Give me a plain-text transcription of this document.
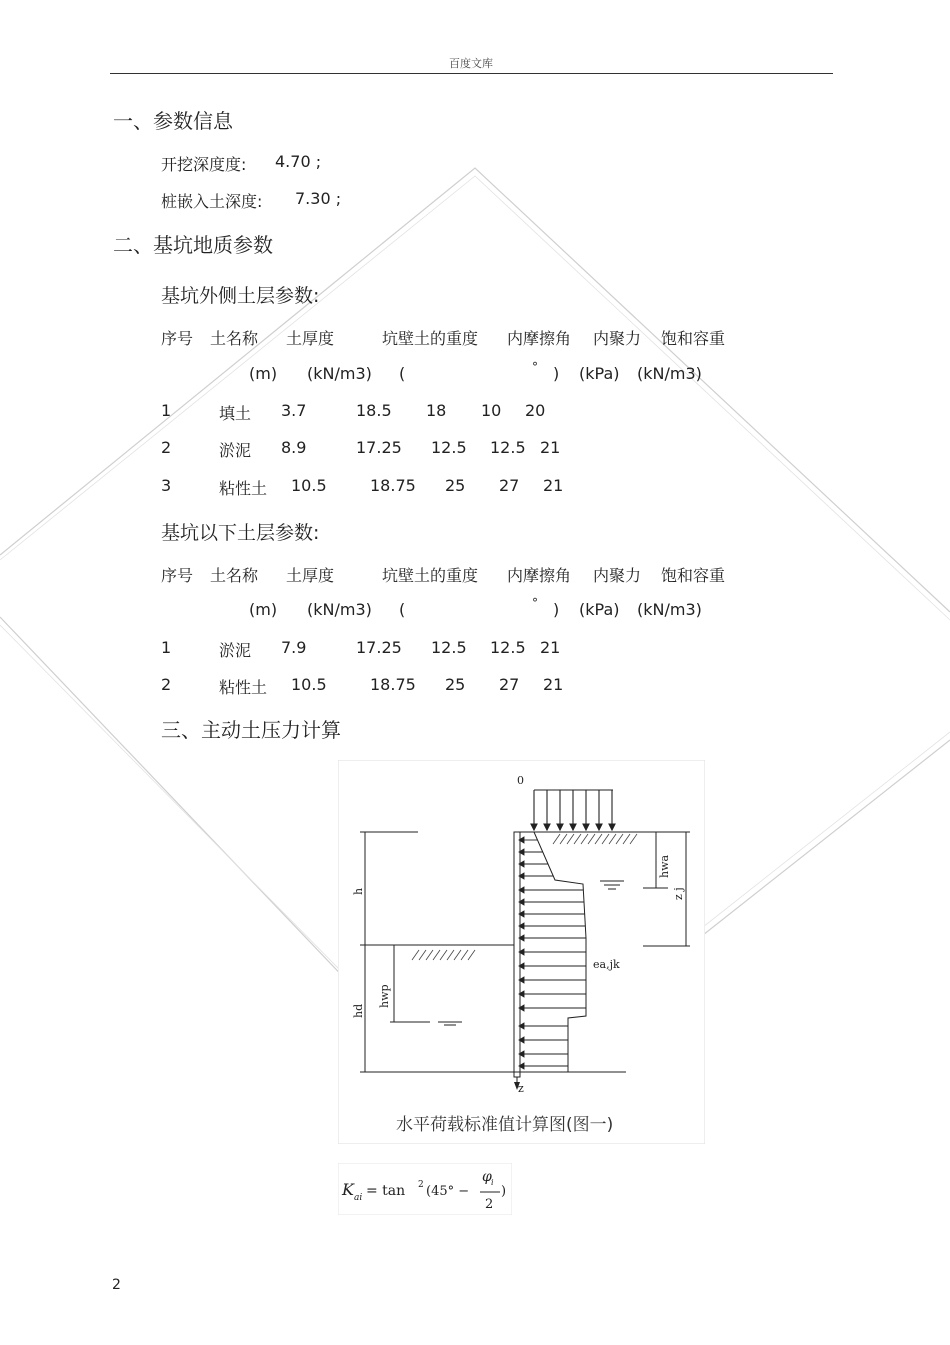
百度文库
一、参数信息
开挖深度度: 4.70 ;
桩嵌入土深度: 7.30 ;
二、基坑地质参数
基坑外侧土层参数:
序号 土名称 土厚度	坑壁土的重度 内摩擦角 内聚力 饱和容重
(m) (kN/m3) (	° ) (kPa) (kN/m3)
1	填土 3.7	18.5 18 10 20
2	淤泥 8.9	17.25 12.5 12.5 21
3	粘性土 10.5	18.75 25 27 21
基坑以下土层参数:
序号 土名称 土厚度	坑壁土的重度 内摩擦角 内聚力 饱和容重
(m) (kN/m3) (	° ) (kPa) (kN/m3)
1	淤泥 7.9	17.25 12.5 12.5 21
2	粘性土 10.5	18.75 25 27 21
三、主动土压力计算
0
z
ea,jk
hwa
z j
h
hd
hwp
水平荷载标准值计算图(图一)
K ai = tan 2 (45° −
φ i
2
)
2
